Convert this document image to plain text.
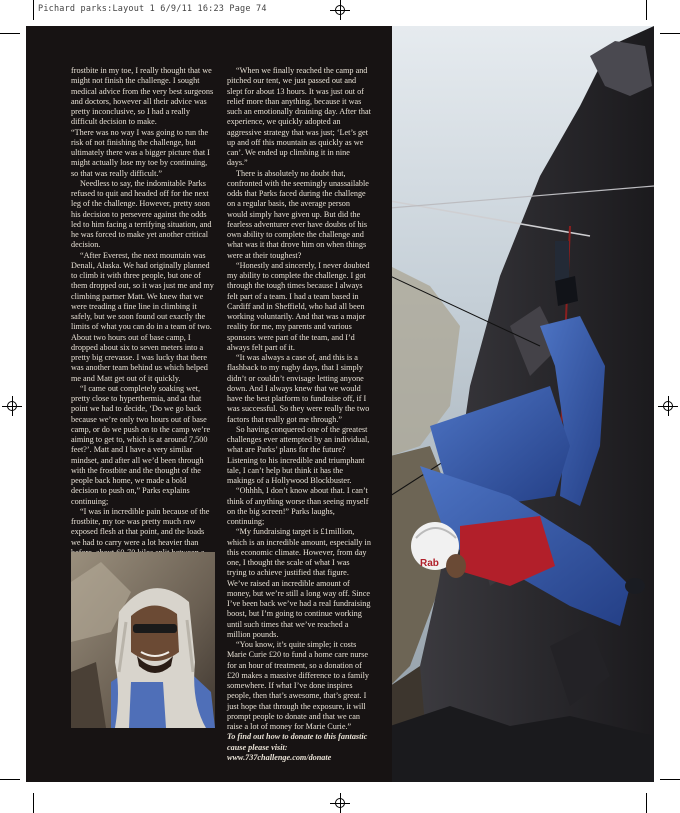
Pichard parks:Layout 1 6/9/11 16:23 Page 74
Rab

frostbite in my toe, I really thought that we might not finish the challenge. I sought medical advice from the very best surgeons and doctors, however all their advice was pretty inconclusive, so I had a really difficult decision to make.

“There was no way I was going to run the risk of not finishing the challenge, but ultimately there was a bigger picture that I might actually lose my toe by continuing, so that was really difficult.”

Needless to say, the indomitable Parks refused to quit and headed off for the next leg of the challenge. However, pretty soon his decision to persevere against the odds led to him facing a terrifying situation, and he was forced to make yet another critical decision.

“After Everest, the next mountain was Denali, Alaska. We had originally planned to climb it with three people, but one of them dropped out, so it was just me and my climbing partner Matt. We knew that we were treading a fine line in climbing it safely, but we soon found out exactly the limits of what you can do in a team of two. About two hours out of base camp, I dropped about six to seven meters into a pretty big crevasse. I was lucky that there was another team behind us which helped me and Matt get out of it quickly.

“I came out completely soaking wet, pretty close to hyperthermia, and at that point we had to decide, ‘Do we go back because we’re only two hours out of base camp, or do we push on to the camp we’re aiming to get to, which is at around 7,500 feet?’. Matt and I have a very similar mindset, and after all we’d been through with the frostbite and the thought of the people back home, we made a bold decision to push on,” Parks explains continuing;

“I was in incredible pain because of the frostbite, my toe was pretty much raw exposed flesh at that point, and the loads we had to carry were a lot heavier than

“When we finally reached the camp and pitched our tent, we just passed out and slept for about 13 hours. It was just out of relief more than anything, because it was such an emotionally draining day. After that experience, we quickly adopted an aggressive strategy that was just; ‘Let’s get up and off this mountain as quickly as we can’. We ended up climbing it in nine days.”

There is absolutely no doubt that, confronted with the seemingly unassailable odds that Parks faced during the challenge on a regular basis, the average person would simply have given up. But did the fearless adventurer ever have doubts of his own ability to complete the challenge and what was it that drove him on when things were at their toughest?

“Honestly and sincerely, I never doubted my ability to complete the challenge. I got through the tough times because I always felt part of a team. I had a team based in Cardiff and in Sheffield, who had all been working voluntarily. And that was a major reality for me, my parents and various sponsors were part of the team, and I’d always felt part of it.

“It was always a case of, and this is a flashback to my rugby days, that I simply didn’t or couldn’t envisage letting anyone down. And I always knew that we would have the best platform to fundraise off, if I was successful. So they were really the two factors that really got me through.”

So having conquered one of the greatest challenges ever attempted by an individual, what are Parks’ plans for the future? Listening to his incredible and triumphant tale, I can’t help but think it has the makings of a Hollywood Blockbuster.

“Ohhhh, I don’t know about that. I can’t think of anything worse than seeing myself on the big screen!” Parks laughs, continuing;

“My fundraising target is £1million, which is an incredible amount, especially in this economic climate. However, from day one, I thought the scale of what I was trying to achieve justified that figure. We’ve raised an incredible amount of money, but we’re still a long way off. Since I’ve been back we’ve had a real fundraising boost, but I’m going to continue working until such times that we’ve reached a million pounds.

“You know, it’s quite simple; it costs Marie Curie £20 to fund a home care nurse for an hour of treatment, so a donation of £20 makes a massive difference to a family somewhere. If what I’ve done inspires people, then that’s awesome, that’s great. I just hope that through the exposure, it will prompt people to donate and that we can raise a lot of money for Marie Curie.”

To find out how to donate to this fantastic cause please visit: www.737challenge.com/donate
